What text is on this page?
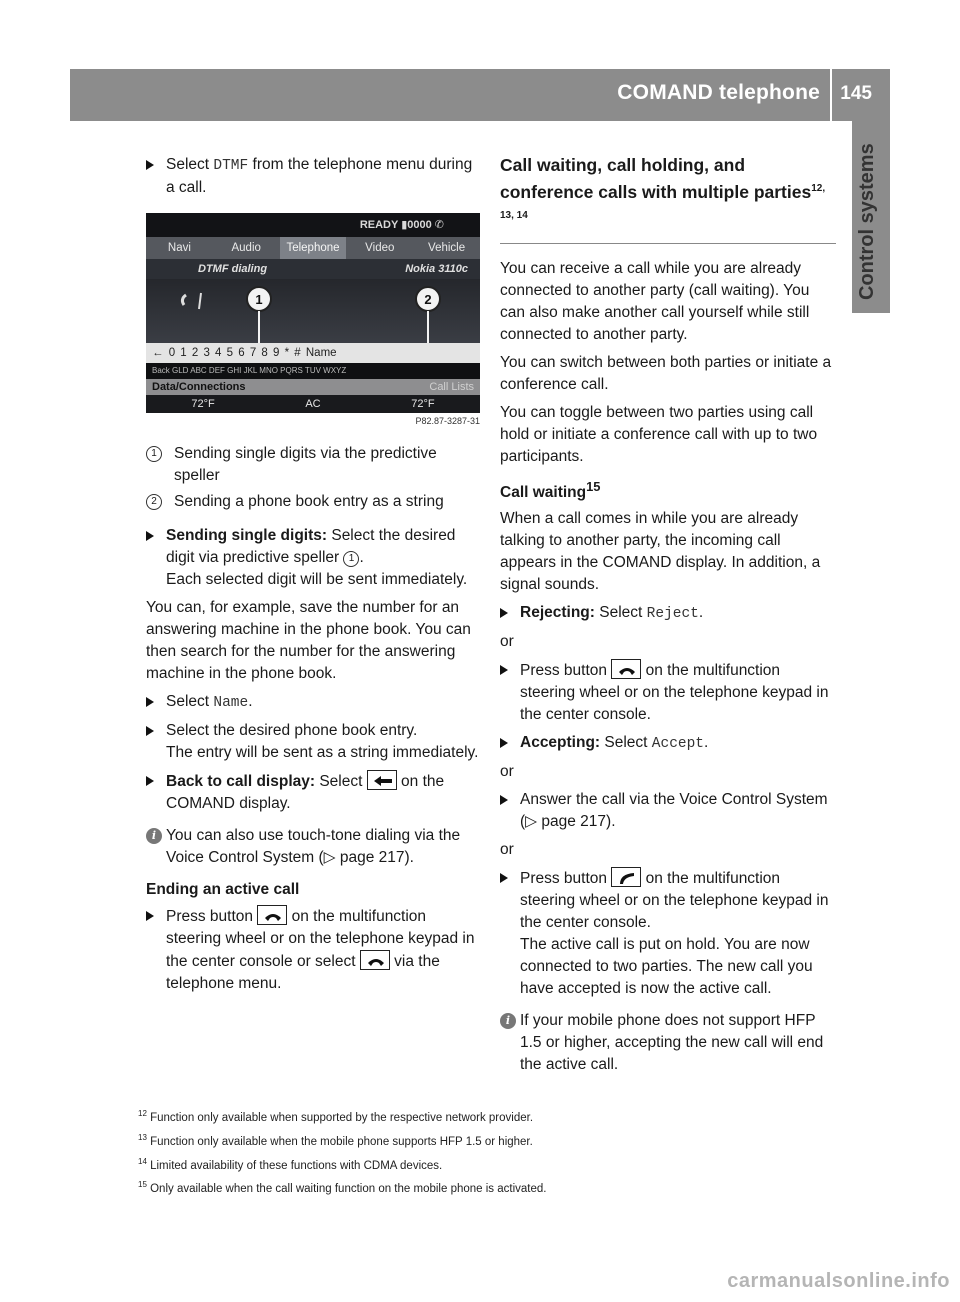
COMAND telephone 145
Control systems
Select DTMF from the telephone menu during a call.
READY ▮0000 ✆
Navi	Audio	Telephone	Video	Vehicle
DTMF dialing	Nokia 3110c
1	2
← 0 1 2 3 4 5 6 7 8 9 * # Name
Back GLD ABC DEF GHI JKL MNO PQRS TUV WXYZ
Data/Connections	Call Lists
72°F	AC	72°F
P82.87-3287-31
1	Sending single digits via the predictive speller
2	Sending a phone book entry as a string
Sending single digits: Select the desired digit via predictive speller 1 .
Each selected digit will be sent immediately.
You can, for example, save the number for an answering machine in the phone book. You can then search for the number for the answering machine in the phone book.
Select Name.
Select the desired phone book entry.
The entry will be sent as a string immediately.
Back to call display: Select
on the COMAND display.
i You can also use touch-tone dialing via the Voice Control System (▷ page 217).
Ending an active call
Press button
on the multifunction steering wheel or on the telephone keypad in the center console or select
via the telephone menu.
Call waiting, call holding, and conference calls with multiple parties$^{12, 13, 14}$
You can receive a call while you are already connected to another party (call waiting). You can also make another call yourself while still connected to another party.
You can switch between both parties or initiate a conference call.
You can toggle between two parties using call hold or initiate a conference call with up to two participants.
Call waiting$^{15}$
When a call comes in while you are already talking to another party, the incoming call appears in the COMAND display. In addition, a signal sounds.
Rejecting: Select Reject.
or
Press button
on the multifunction steering wheel or on the telephone keypad in the center console.
Accepting: Select Accept.
or
Answer the call via the Voice Control System (▷ page 217).
or
Press button
on the multifunction steering wheel or on the telephone keypad in the center console.
The active call is put on hold. You are now connected to two parties. The new call you have accepted is now the active call.
i If your mobile phone does not support HFP 1.5 or higher, accepting the new call will end the active call.
$^{12}$ Function only available when supported by the respective network provider.
$^{13}$ Function only available when the mobile phone supports HFP 1.5 or higher.
$^{14}$ Limited availability of these functions with CDMA devices.
$^{15}$ Only available when the call waiting function on the mobile phone is activated.
carmanualsonline.info
